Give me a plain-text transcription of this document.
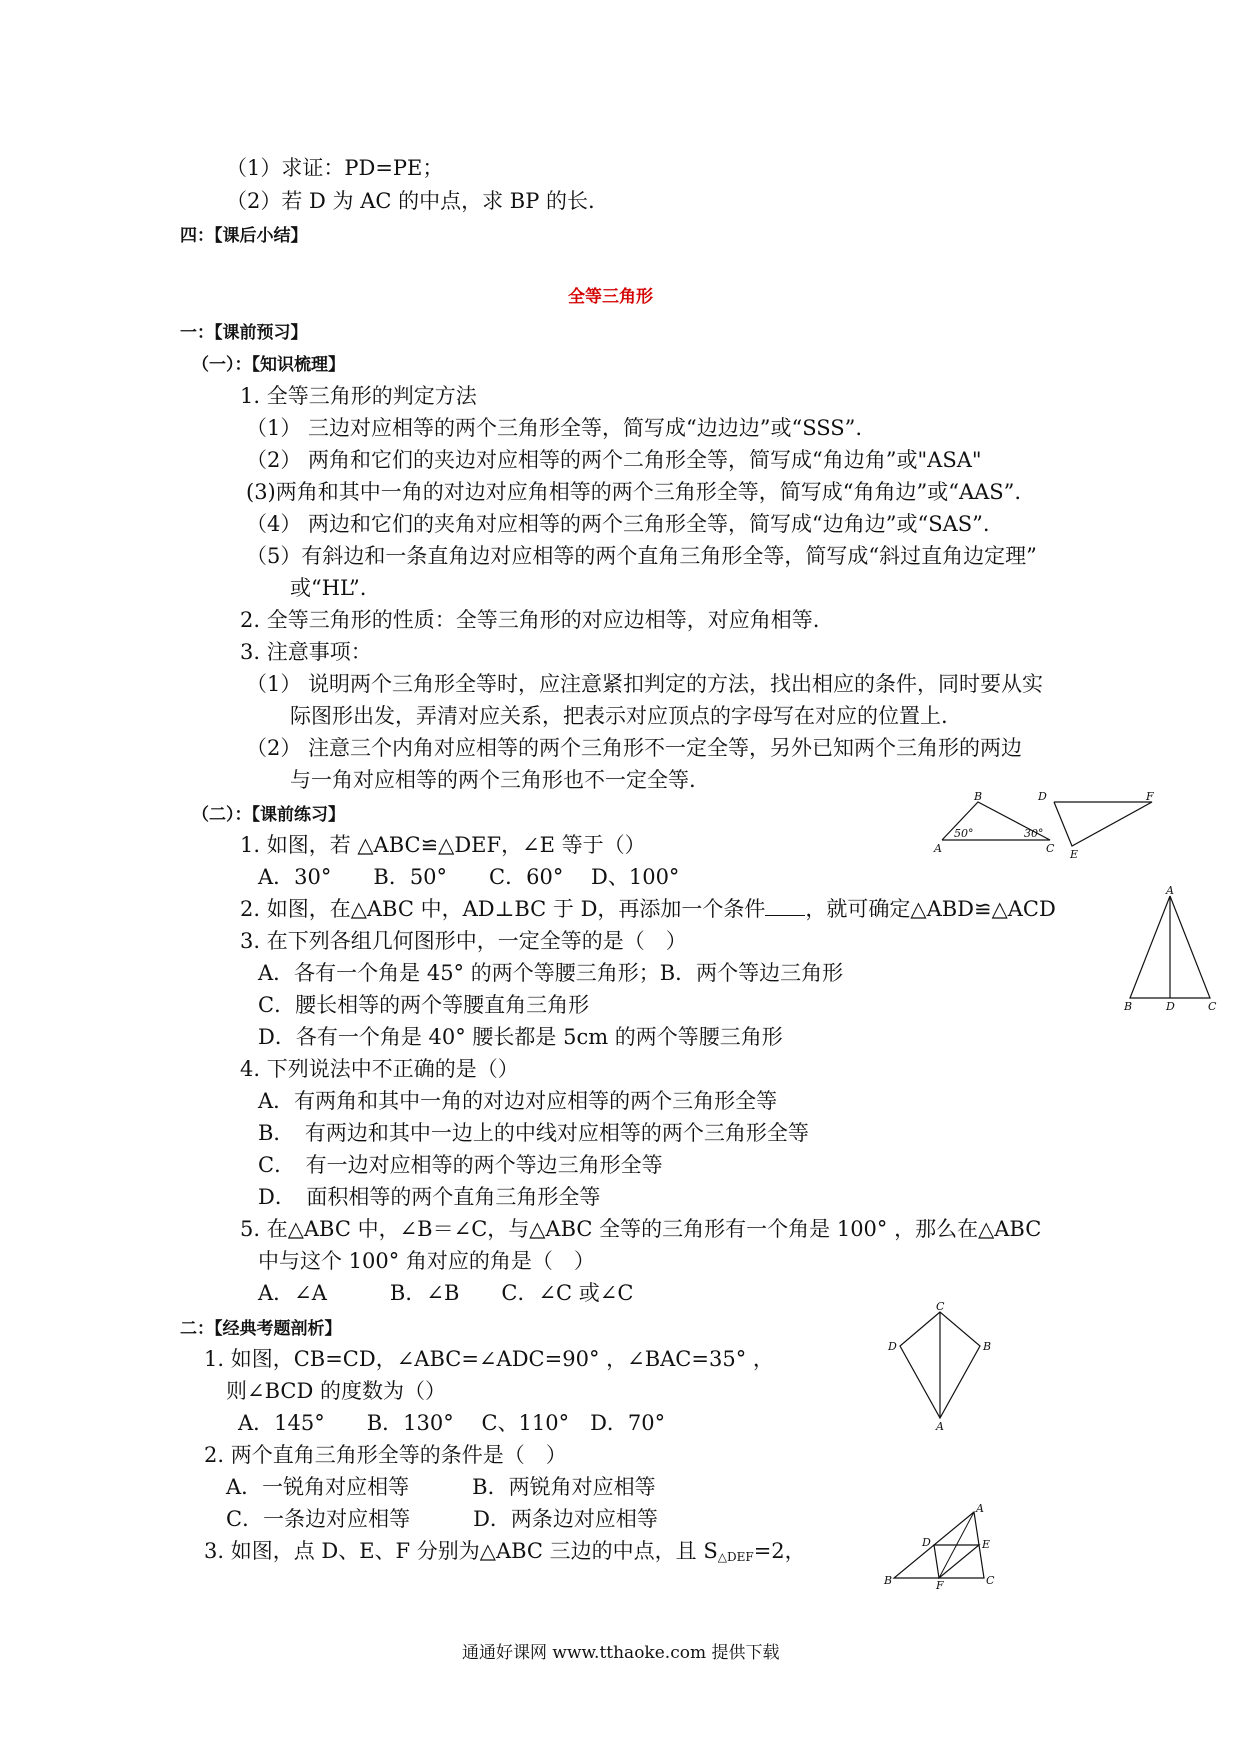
（1）求证：PD=PE；
（2）若 D 为 AC 的中点，求 BP 的长.
四：【课后小结】
全等三角形
一：【课前预习】
（一）：【知识梳理】
1. 全等三角形的判定方法
（1） 三边对应相等的两个三角形全等，简写成“边边边”或“SSS”.
（2） 两角和它们的夹边对应相等的两个二角形全等，简写成“角边角”或"ASA"
(3)两角和其中一角的对边对应角相等的两个三角形全等，简写成“角角边”或“AAS”.
（4） 两边和它们的夹角对应相等的两个三角形全等，简写成“边角边”或“SAS”.
（5）有斜边和一条直角边对应相等的两个直角三角形全等，简写成“斜过直角边定理”
或“HL”.
2. 全等三角形的性质：全等三角形的对应边相等，对应角相等.
3. 注意事项：
（1） 说明两个三角形全等时，应注意紧扣判定的方法，找出相应的条件，同时要从实
际图形出发，弄清对应关系，把表示对应顶点的字母写在对应的位置上.
（2） 注意三个内角对应相等的两个三角形不一定全等，另外已知两个三角形的两边
与一角对应相等的两个三角形也不一定全等.
（二）：【课前练习】
1. 如图，若 △ABC≌△DEF，∠E 等于（）
A．30°　　B．50°　　C．60°　 D、100°
2. 如图，在△ABC 中，AD⊥BC 于 D，再添加一个条件 ，就可确定△ABD≌△ACD
3. 在下列各组几何图形中，一定全等的是（　）
A．各有一个角是 45° 的两个等腰三角形；B．两个等边三角形
C．腰长相等的两个等腰直角三角形
D．各有一个角是 40° 腰长都是 5cm 的两个等腰三角形
4. 下列说法中不正确的是（）
A．有两角和其中一角的对边对应相等的两个三角形全等
B．　有两边和其中一边上的中线对应相等的两个三角形全等
C．　有一边对应相等的两个等边三角形全等
D．　面积相等的两个直角三角形全等
5. 在△ABC 中，∠B＝∠C，与△ABC 全等的三角形有一个角是 100° ，那么在△ABC
中与这个 100° 角对应的角是（　）
A．∠A　　　B．∠B　　C．∠C 或∠C
二：【经典考题剖析】
1. 如图，CB=CD，∠ABC=∠ADC=90° ，∠BAC=35° ，
则∠BCD 的度数为（）
A．145°　　B．130°　 C、110°　D．70°
2. 两个直角三角形全等的条件是（　）
A．一锐角对应相等　　　B．两锐角对应相等
C．一条边对应相等　　　D．两条边对应相等
3. 如图，点 D、E、F 分别为△ABC 三边的中点，且 S△DEF=2，
B	D	F
A	C E
50°	30°
A
B	D	C
C
D	B
A
A
D	E
B	F	C
通通好课网 www.tthaoke.com 提供下载
